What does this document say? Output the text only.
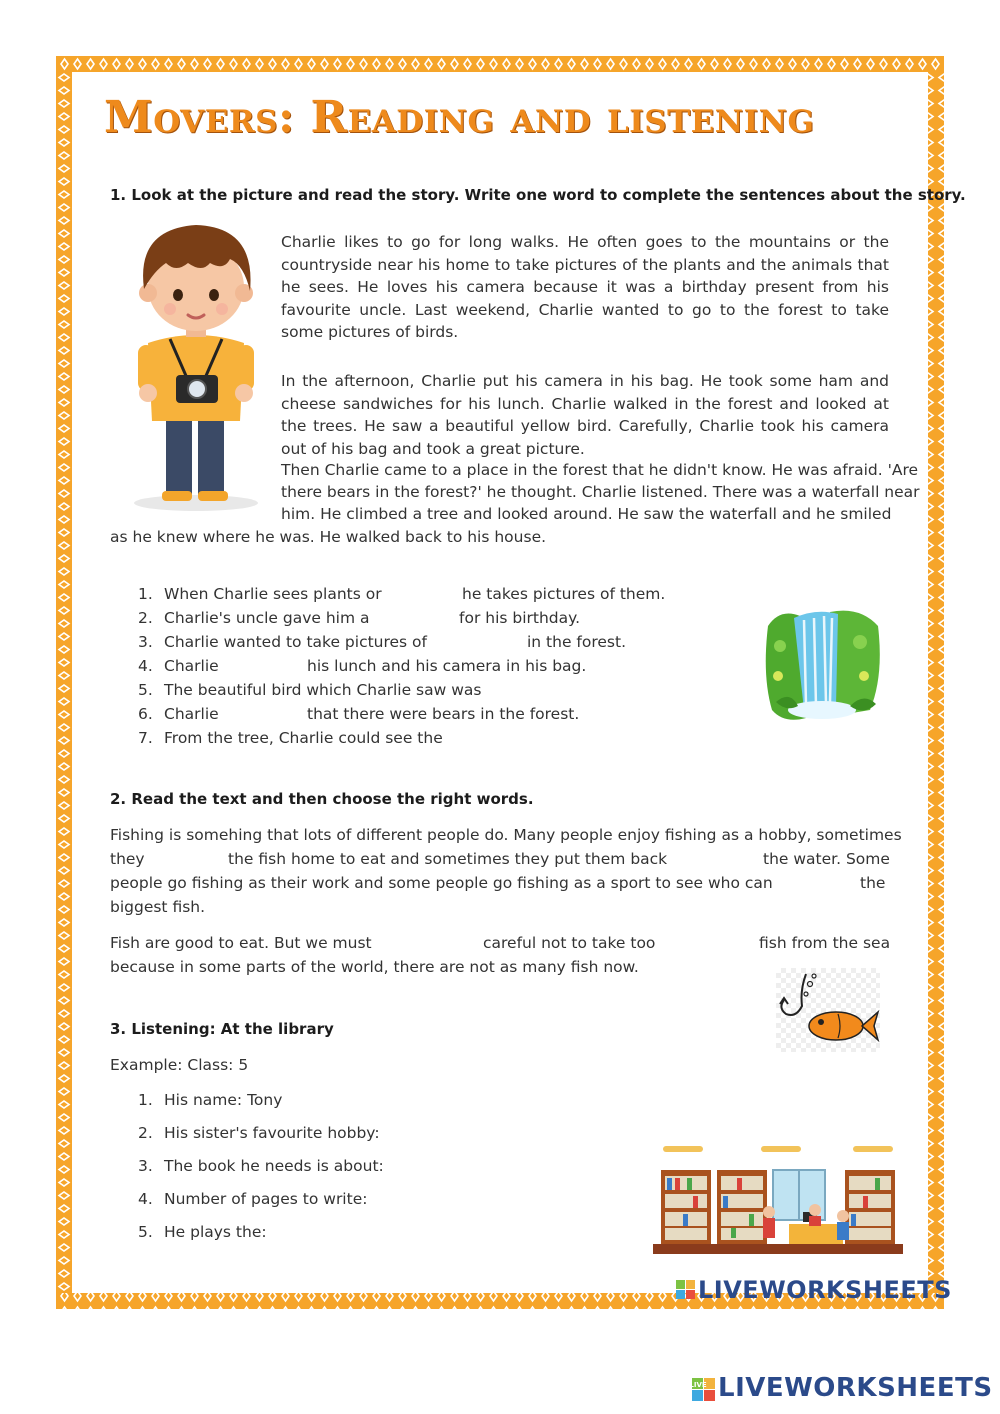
Movers: Reading and listening
1. Look at the picture and read the story. Write one word to complete the sentences about the story.

Charlie likes to go for long walks. He often goes to the mountains or the countryside near his home to take pictures of the plants and the animals that he sees. He loves his camera because it was a birthday present from his favourite uncle. Last weekend, Charlie wanted to go to the forest to take some pictures of birds.

In the afternoon, Charlie put his camera in his bag. He took some ham and cheese sandwiches for his lunch. Charlie walked in the forest and looked at the trees. He saw a beautiful yellow bird. Carefully, Charlie took his camera out of his bag and took a great picture.

Then Charlie came to a place in the forest that he didn't know. He was afraid. 'Are
there bears in the forest?' he thought. Charlie listened. There was a waterfall near
him. He climbed a tree and looked around. He saw the waterfall and he smiled
as he knew where he was. He walked back to his house.
1. When Charlie sees plants or	he takes pictures of them.
2. Charlie's uncle gave him a	for his birthday.
3. Charlie wanted to take pictures of	in the forest.
4. Charlie	his lunch and his camera in his bag.
5. The beautiful bird which Charlie saw was
6. Charlie	that there were bears in the forest.
7. From the tree, Charlie could see the
2. Read the text and then choose the right words.
Fishing is somehing that lots of different people do. Many people enjoy fishing as a hobby, sometimes
they	the fish home to eat and sometimes they put them back	the water. Some
people go fishing as their work and some people go fishing as a sport to see who can	the
biggest fish.
Fish are good to eat. But we must	careful not to take too	fish from the sea
because in some parts of the world, there are not as many fish now.
3. Listening: At the library
Example: Class: 5
1. His name: Tony
2. His sister's favourite hobby:
3. The book he needs is about:
4. Number of pages to write:
5. He plays the:
LIVEWORKSHEETS
LIVE LIVEWORKSHEETS
